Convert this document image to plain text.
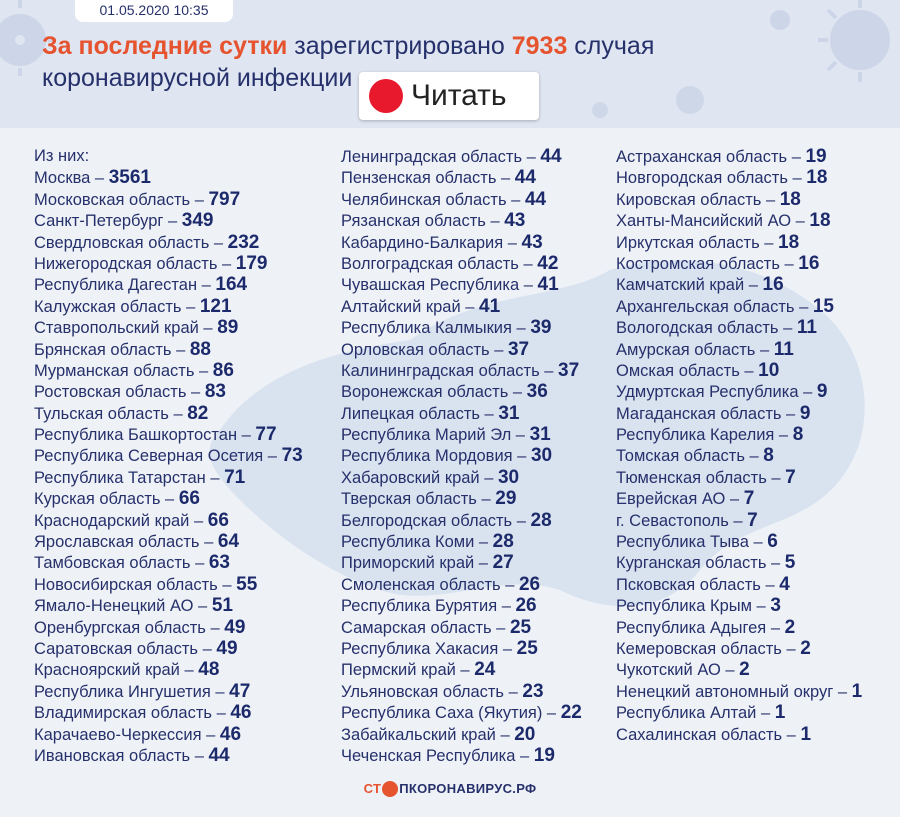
01.05.2020 10:35
За последние сутки зарегистрировано 7933 случая
коронавирусной инфекции
Читать
Из них:
Москва – 3561
Московская область – 797
Санкт-Петербург – 349
Свердловская область – 232
Нижегородская область – 179
Республика Дагестан – 164
Калужская область – 121
Ставропольский край – 89
Брянская область – 88
Мурманская область – 86
Ростовская область – 83
Тульская область – 82
Республика Башкортостан – 77
Республика Северная Осетия – 73
Республика Татарстан – 71
Курская область – 66
Краснодарский край – 66
Ярославская область – 64
Тамбовская область – 63
Новосибирская область – 55
Ямало-Ненецкий АО – 51
Оренбургская область – 49
Саратовская область – 49
Красноярский край – 48
Республика Ингушетия – 47
Владимирская область – 46
Карачаево-Черкессия – 46
Ивановская область – 44
Ленинградская область – 44
Пензенская область – 44
Челябинская область – 44
Рязанская область – 43
Кабардино-Балкария – 43
Волгоградская область – 42
Чувашская Республика – 41
Алтайский край – 41
Республика Калмыкия – 39
Орловская область – 37
Калининградская область – 37
Воронежская область – 36
Липецкая область – 31
Республика Марий Эл – 31
Республика Мордовия – 30
Хабаровский край – 30
Тверская область – 29
Белгородская область – 28
Республика Коми – 28
Приморский край – 27
Смоленская область – 26
Республика Бурятия – 26
Самарская область – 25
Республика Хакасия – 25
Пермский край – 24
Ульяновская область – 23
Республика Саха (Якутия) – 22
Забайкальский край – 20
Чеченская Республика – 19
Астраханская область – 19
Новгородская область – 18
Кировская область – 18
Ханты-Мансийский АО – 18
Иркутская область – 18
Костромская область – 16
Камчатский край – 16
Архангельская область – 15
Вологодская область – 11
Амурская область – 11
Омская область – 10
Удмуртская Республика – 9
Магаданская область – 9
Республика Карелия – 8
Томская область – 8
Тюменская область – 7
Еврейская АО – 7
г. Севастополь – 7
Республика Тыва – 6
Курганская область – 5
Псковская область – 4
Республика Крым – 3
Республика Адыгея – 2
Кемеровская область – 2
Чукотский АО – 2
Ненецкий автономный округ – 1
Республика Алтай – 1
Сахалинская область – 1
СТ ПКОРОНАВИРУС.РФ
